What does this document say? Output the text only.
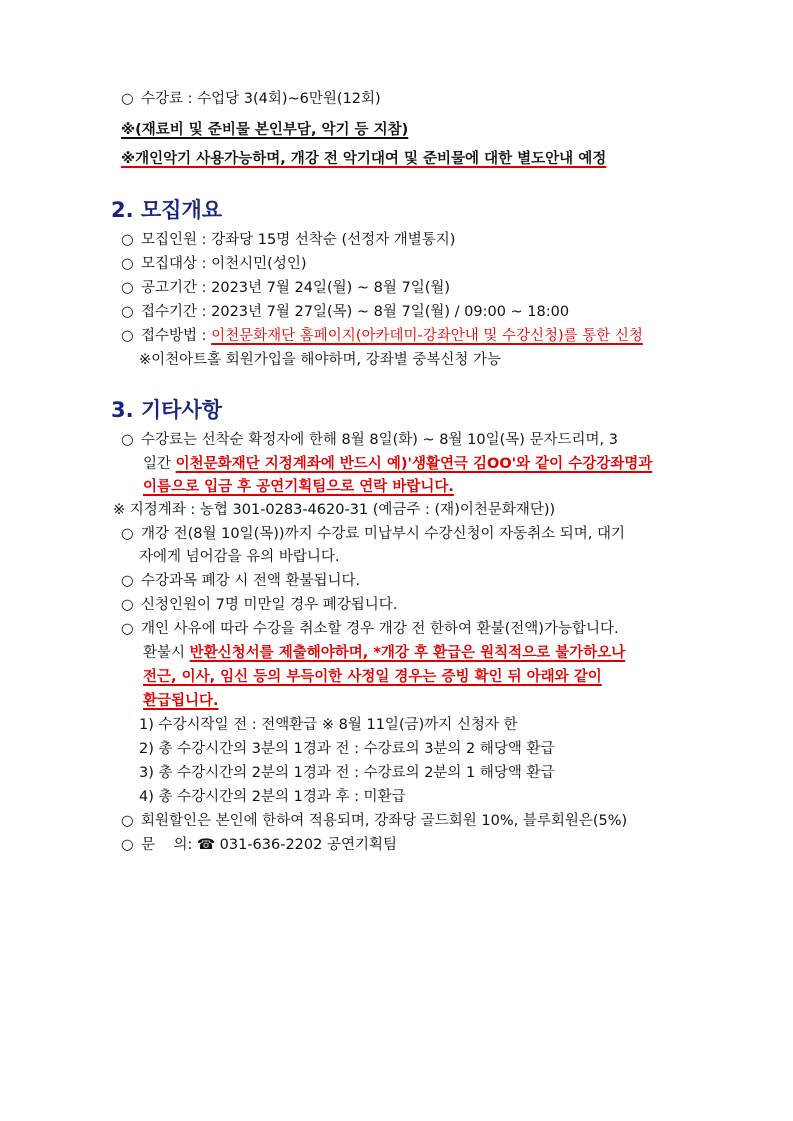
○ 수강료 : 수업당 3(4회)~6만원(12회)
※(재료비 및 준비물 본인부담, 악기 등 지참)
※개인악기 사용가능하며, 개강 전 악기대여 및 준비물에 대한 별도안내 예정
2. 모집개요
○ 모집인원 : 강좌당 15명 선착순 (선정자 개별통지)
○ 모집대상 : 이천시민(성인)
○ 공고기간 : 2023년 7월 24일(월) ~ 8월 7일(월)
○ 접수기간 : 2023년 7월 27일(목) ~ 8월 7일(월) / 09:00 ~ 18:00
○ 접수방법 : 이천문화재단 홈페이지(아카데미-강좌안내 및 수강신청)를 통한 신청
※이천아트홀 회원가입을 해야하며, 강좌별 중복신청 가능
3. 기타사항
○ 수강료는 선착순 확정자에 한해 8월 8일(화) ~ 8월 10일(목) 문자드리며, 3
일간 이천문화재단 지정계좌에 반드시 예)'생활연극 김OO'와 같이 수강강좌명과
이름으로 입금 후 공연기획팀으로 연락 바랍니다.
※ 지정계좌 : 농협 301-0283-4620-31 (예금주 : (재)이천문화재단))
○ 개강 전(8월 10일(목))까지 수강료 미납부시 수강신청이 자동취소 되며, 대기
자에게 넘어감을 유의 바랍니다.
○ 수강과목 폐강 시 전액 환불됩니다.
○ 신청인원이 7명 미만일 경우 폐강됩니다.
○ 개인 사유에 따라 수강을 취소할 경우 개강 전 한하여 환불(전액)가능합니다.
환불시 반환신청서를 제출해야하며, *개강 후 환급은 원칙적으로 불가하오나
전근, 이사, 임신 등의 부득이한 사정일 경우는 증빙 확인 뒤 아래와 같이
환급됩니다.
1) 수강시작일 전 : 전액환급 ※ 8월 11일(금)까지 신청자 한
2) 총 수강시간의 3분의 1경과 전 : 수강료의 3분의 2 해당액 환급
3) 총 수강시간의 2분의 1경과 전 : 수강료의 2분의 1 해당액 환급
4) 총 수강시간의 2분의 1경과 후 : 미환급
○ 회원할인은 본인에 한하여 적용되며, 강좌당 골드회원 10%, 블루회원은(5%)
○ 문    의: ☎ 031-636-2202 공연기획팀
